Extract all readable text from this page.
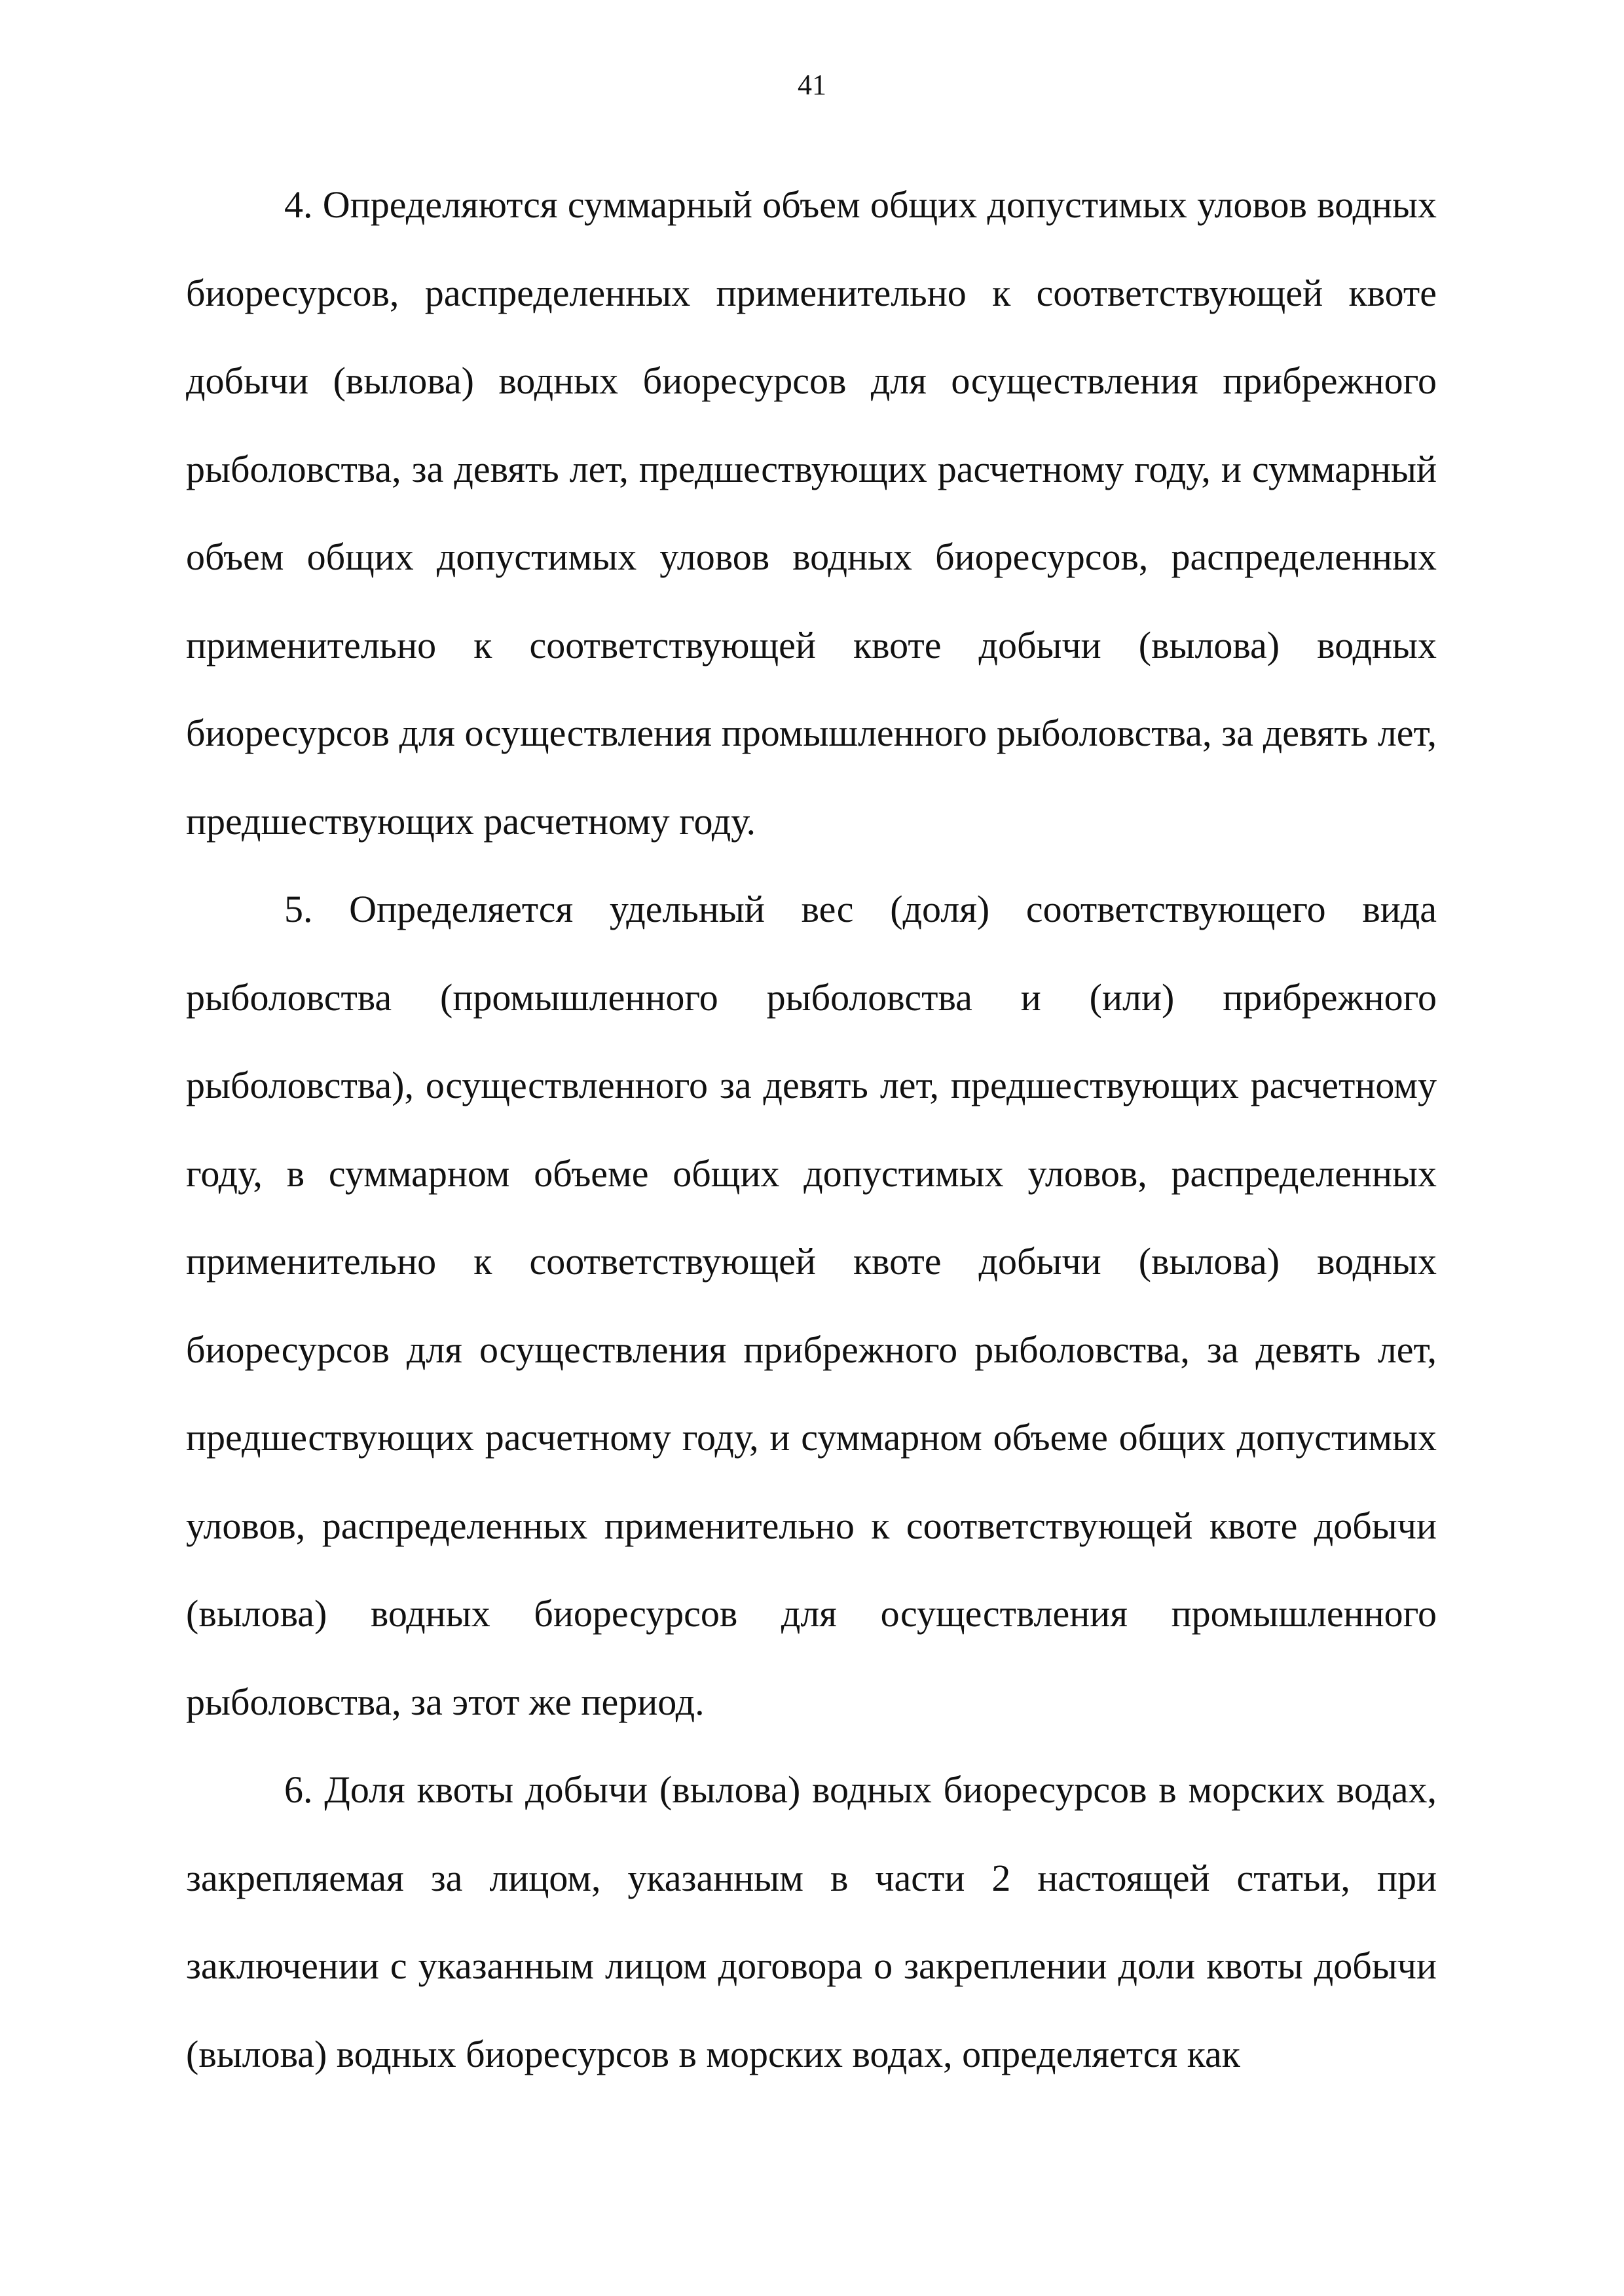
41

4. Определяются суммарный объем общих допустимых уловов водных биоресурсов, распределенных применительно к соответствующей квоте добычи (вылова) водных биоресурсов для осуществления прибрежного рыболовства, за девять лет, предшествующих расчетному году, и суммарный объем общих допустимых уловов водных биоресурсов, распределенных применительно к соответствующей квоте добычи (вылова) водных биоресурсов для осуществления промышленного рыболовства, за девять лет, предшествующих расчетному году.

5. Определяется удельный вес (доля) соответствующего вида рыболовства (промышленного рыболовства и (или) прибрежного рыболовства), осуществленного за девять лет, предшествующих расчетному году, в суммарном объеме общих допустимых уловов, распределенных применительно к соответствующей квоте добычи (вылова) водных биоресурсов для осуществления прибрежного рыболовства, за девять лет, предшествующих расчетному году, и суммарном объеме общих допустимых уловов, распределенных применительно к соответствующей квоте добычи (вылова) водных биоресурсов для осуществления промышленного рыболовства, за этот же период.

6. Доля квоты добычи (вылова) водных биоресурсов в морских водах, закрепляемая за лицом, указанным в части 2 настоящей статьи, при заключении с указанным лицом договора о закреплении доли квоты добычи (вылова) водных биоресурсов в морских водах, определяется как
